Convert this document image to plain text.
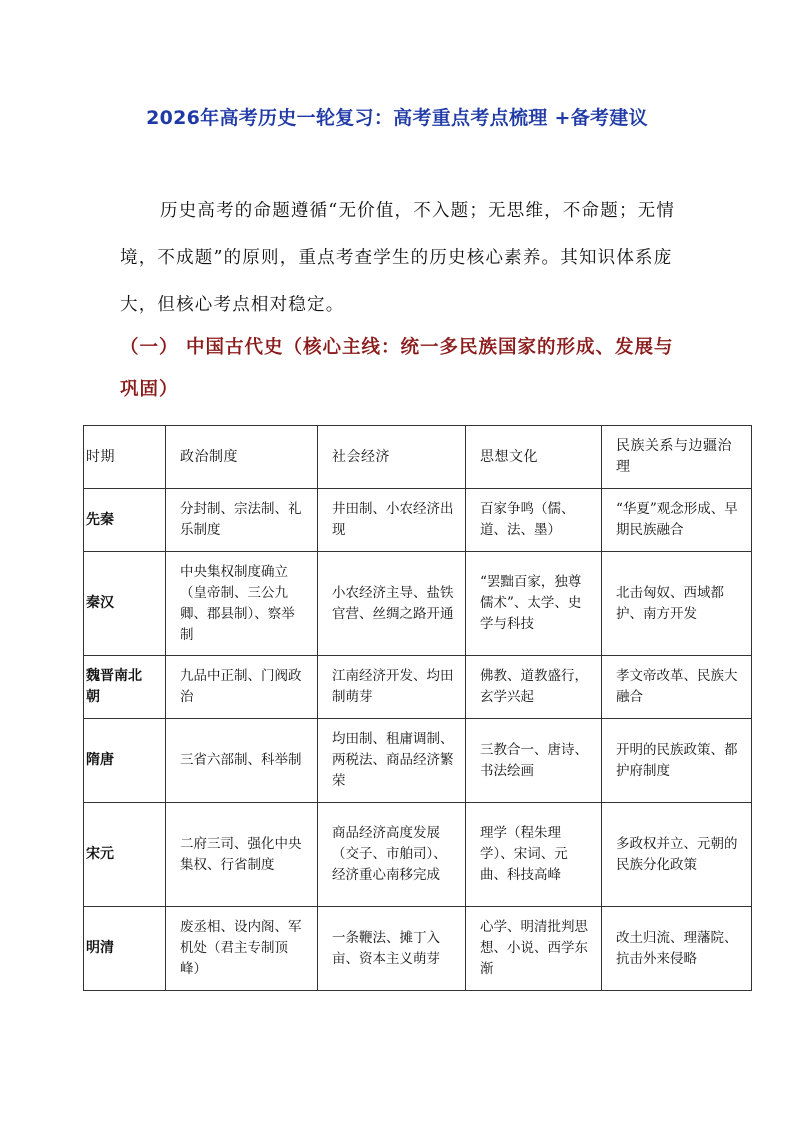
2026年高考历史一轮复习：高考重点考点梳理 +备考建议

历史高考的命题遵循“无价值，不入题；无思维，不命题；无情境，不成题”的原则，重点考查学生的历史核心素养。其知识体系庞大，但核心考点相对稳定。

（一） 中国古代史（核心主线：统一多民族国家的形成、发展与巩固）

时期	政治制度	社会经济	思想文化	民族关系与边疆治理
先秦	分封制、宗法制、礼乐制度	井田制、小农经济出现	百家争鸣（儒、道、法、墨）	“华夏”观念形成、早期民族融合
秦汉	中央集权制度确立（皇帝制、三公九卿、郡县制）、察举制	小农经济主导、盐铁官营、丝绸之路开通	“罢黜百家，独尊儒术”、太学、史学与科技	北击匈奴、西域都护、南方开发
魏晋南北朝	九品中正制、门阀政治	江南经济开发、均田制萌芽	佛教、道教盛行，玄学兴起	孝文帝改革、民族大融合
隋唐	三省六部制、科举制	均田制、租庸调制、两税法、商品经济繁荣	三教合一、唐诗、书法绘画	开明的民族政策、都护府制度
宋元	二府三司、强化中央集权、行省制度	商品经济高度发展（交子、市舶司）、经济重心南移完成	理学（程朱理学）、宋词、元曲、科技高峰	多政权并立、元朝的民族分化政策
明清	废丞相、设内阁、军机处（君主专制顶峰）	一条鞭法、摊丁入亩、资本主义萌芽	心学、明清批判思想、小说、西学东渐	改土归流、理藩院、抗击外来侵略
